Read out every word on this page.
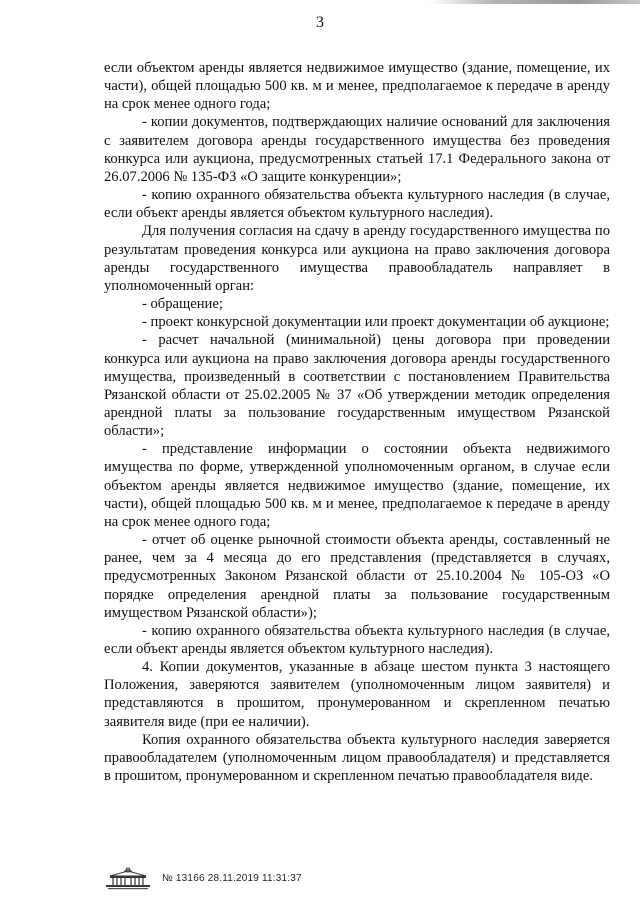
3

если объектом аренды является недвижимое имущество (здание, помещение, их части), общей площадью 500 кв. м и менее, предполагаемое к передаче в аренду на срок менее одного года;

- копии документов, подтверждающих наличие оснований для заключения с заявителем договора аренды государственного имущества без проведения конкурса или аукциона, предусмотренных статьей 17.1 Федерального закона от 26.07.2006 № 135-ФЗ «О защите конкуренции»;

- копию охранного обязательства объекта культурного наследия (в случае, если объект аренды является объектом культурного наследия).

Для получения согласия на сдачу в аренду государственного имущества по результатам проведения конкурса или аукциона на право заключения договора аренды государственного имущества правообладатель направляет в уполномоченный орган:

- обращение;

- проект конкурсной документации или проект документации об аукционе;

- расчет начальной (минимальной) цены договора при проведении конкурса или аукциона на право заключения договора аренды государственного имущества, произведенный в соответствии с постановлением Правительства Рязанской области от 25.02.2005 № 37 «Об утверждении методик определения арендной платы за пользование государственным имуществом Рязанской области»;

- представление информации о состоянии объекта недвижимого имущества по форме, утвержденной уполномоченным органом, в случае если объектом аренды является недвижимое имущество (здание, помещение, их части), общей площадью 500 кв. м и менее, предполагаемое к передаче в аренду на срок менее одного года;

- отчет об оценке рыночной стоимости объекта аренды, составленный не ранее, чем за 4 месяца до его представления (представляется в случаях, предусмотренных Законом Рязанской области от 25.10.2004 № 105-ОЗ «О порядке определения арендной платы за пользование государственным имуществом Рязанской области»);

- копию охранного обязательства объекта культурного наследия (в случае, если объект аренды является объектом культурного наследия).

4. Копии документов, указанные в абзаце шестом пункта 3 настоящего Положения, заверяются заявителем (уполномоченным лицом заявителя) и представляются в прошитом, пронумерованном и скрепленном печатью заявителя виде (при ее наличии).

Копия охранного обязательства объекта культурного наследия заверяется правообладателем (уполномоченным лицом правообладателя) и представляется в прошитом, пронумерованном и скрепленном печатью правообладателя виде.

№ 13166 28.11.2019 11:31:37
